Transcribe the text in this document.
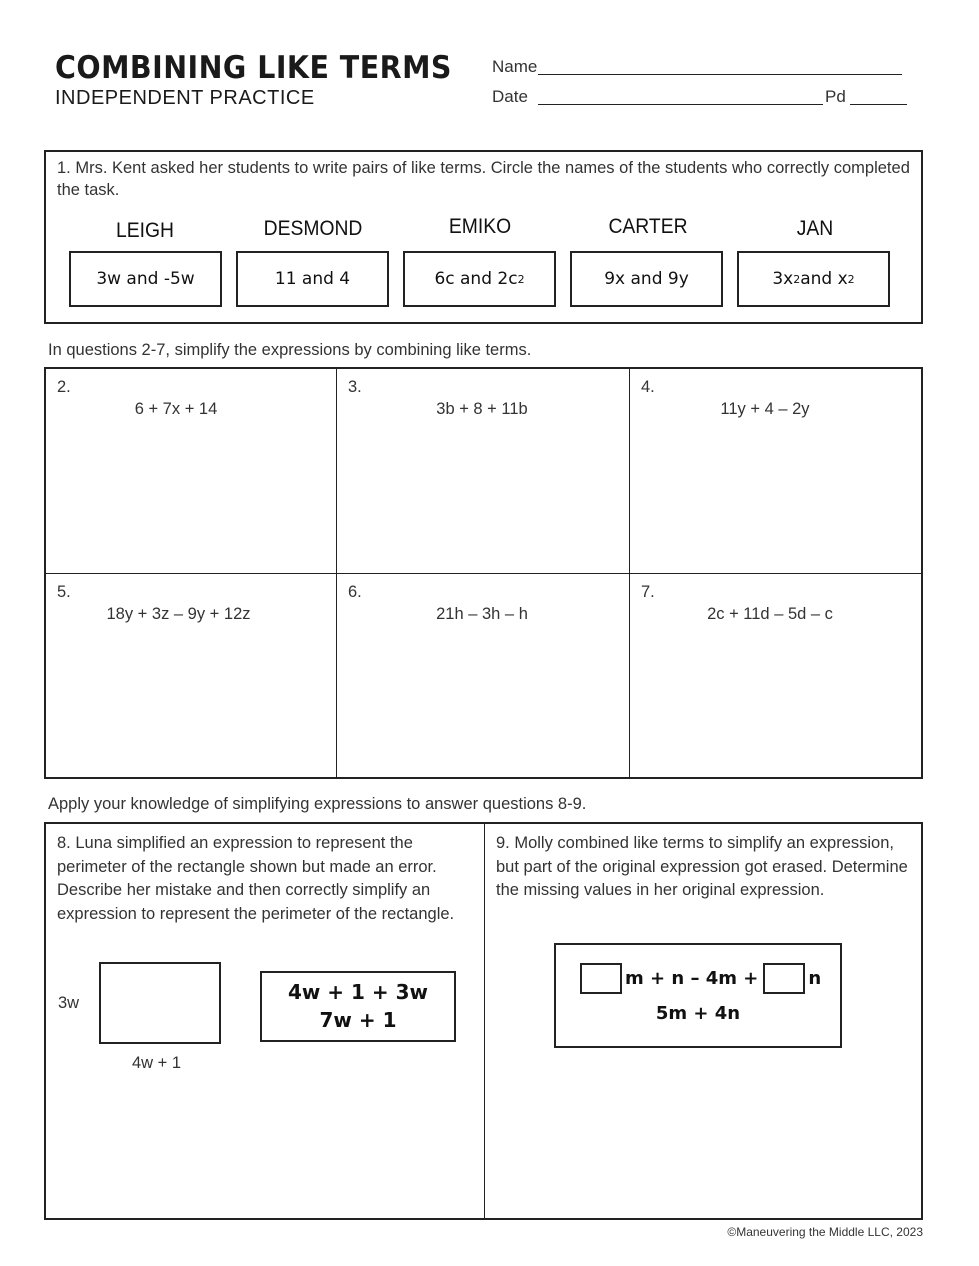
COMBINING LIKE TERMS
INDEPENDENT PRACTICE
Name
Date	Pd
1. Mrs. Kent asked her students to write pairs of like terms. Circle the names of the students who correctly completed the task.
LEIGH	DESMOND	EMIKO	CARTER	JAN
3w and -5w	11 and 4	6c and 2c 2	9x and 9y	3x 2 and x 2
In questions 2-7, simplify the expressions by combining like terms.
2.
6 + 7x + 14
3.
3b + 8 + 11b
4.
11y + 4 – 2y
5.
18y + 3z – 9y + 12z
6.
21h – 3h – h
7.
2c + 11d – 5d – c
Apply your knowledge of simplifying expressions to answer questions 8-9.
8. Luna simplified an expression to represent the perimeter of the rectangle shown but made an error. Describe her mistake and then correctly simplify an expression to represent the perimeter of the rectangle.
3w
4w + 1
4w + 1 + 3w
7w + 1
9. Molly combined like terms to simplify an expression, but part of the original expression got erased. Determine the missing values in her original expression.
m + n – 4m +	n
5m + 4n
©Maneuvering the Middle LLC, 2023
